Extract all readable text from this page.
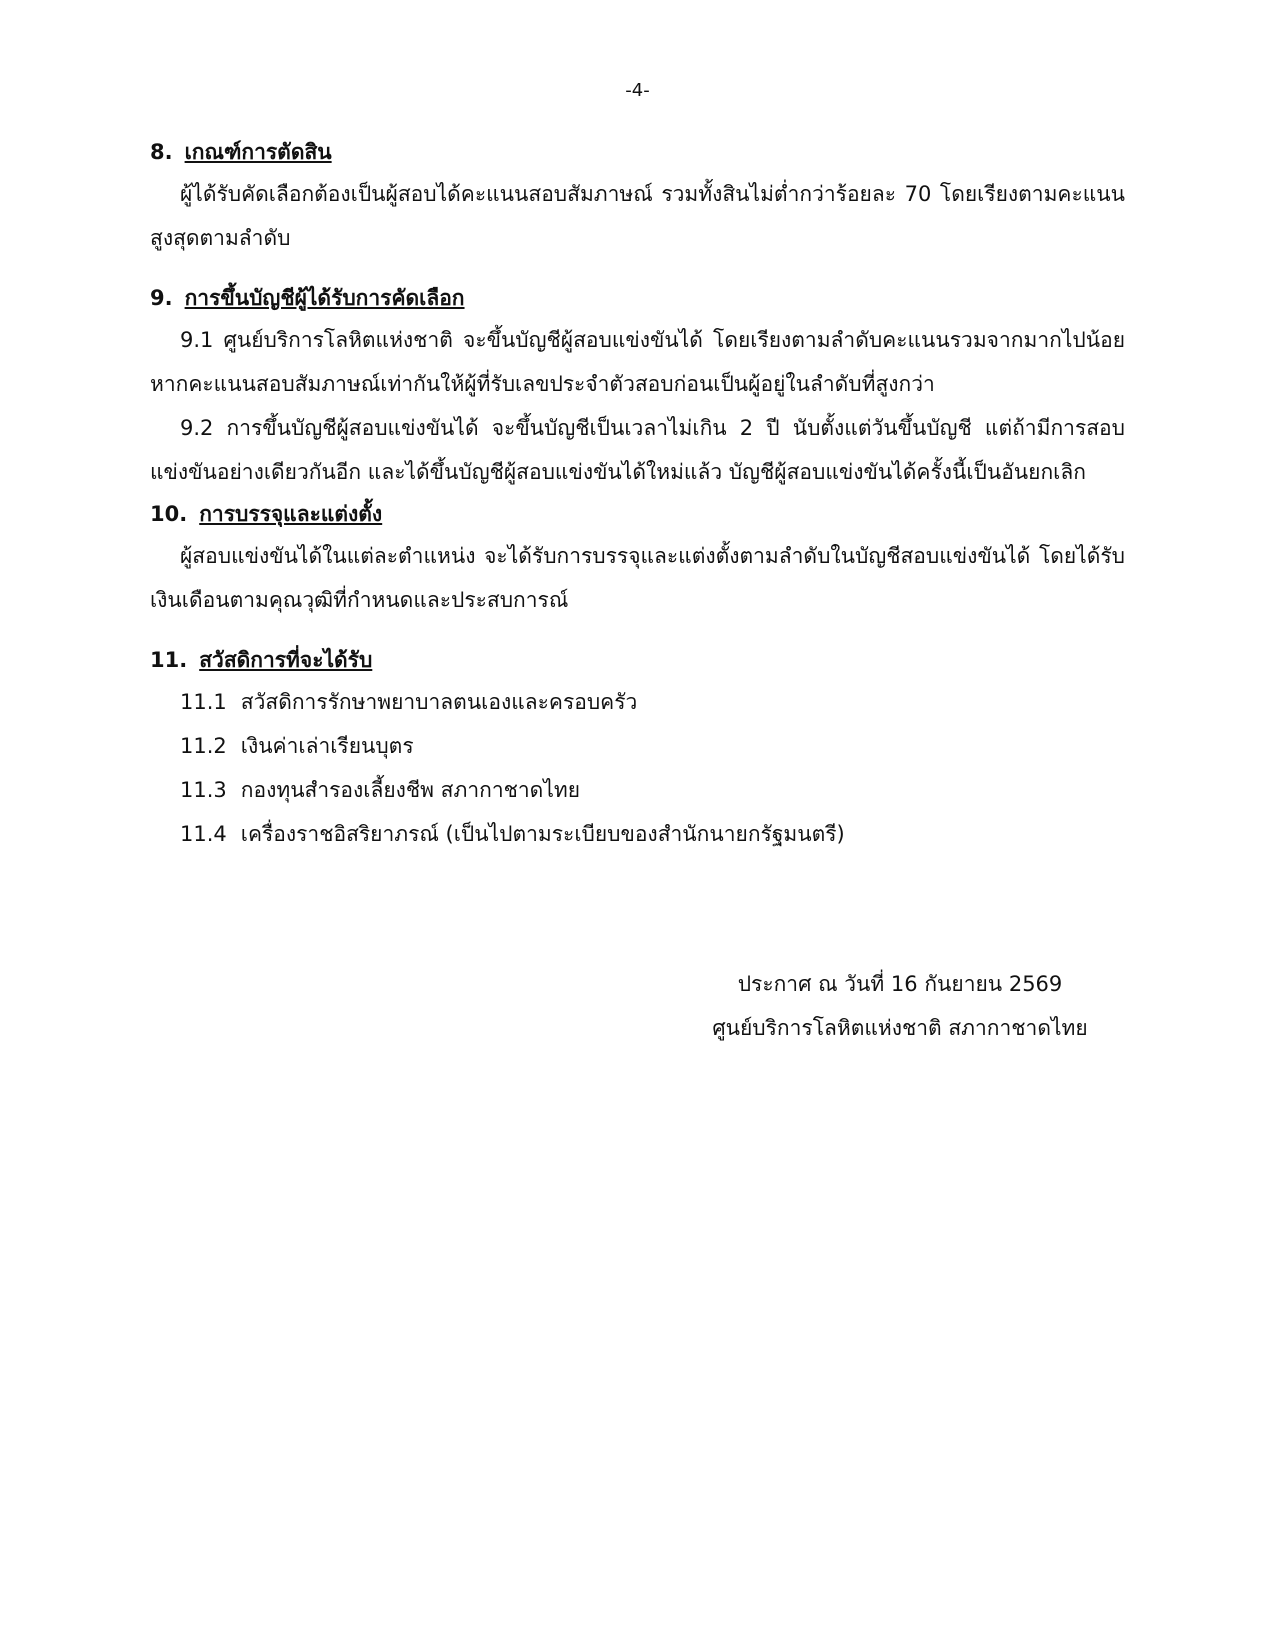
-4-
8. เกณฑ์การตัดสิน

ผู้ได้รับคัดเลือกต้องเป็นผู้สอบได้คะแนนสอบสัมภาษณ์ รวมทั้งสินไม่ต่ำกว่าร้อยละ 70 โดยเรียงตามคะแนนสูงสุดตามลำดับ

9. การขึ้นบัญชีผู้ได้รับการคัดเลือก

9.1 ศูนย์บริการโลหิตแห่งชาติ จะขึ้นบัญชีผู้สอบแข่งขันได้ โดยเรียงตามลำดับคะแนนรวมจากมากไปน้อย หากคะแนนสอบสัมภาษณ์เท่ากันให้ผู้ที่รับเลขประจำตัวสอบก่อนเป็นผู้อยู่ในลำดับที่สูงกว่า

9.2 การขึ้นบัญชีผู้สอบแข่งขันได้ จะขึ้นบัญชีเป็นเวลาไม่เกิน 2 ปี นับตั้งแต่วันขึ้นบัญชี แต่ถ้ามีการสอบแข่งขันอย่างเดียวกันอีก และได้ขึ้นบัญชีผู้สอบแข่งขันได้ใหม่แล้ว บัญชีผู้สอบแข่งขันได้ครั้งนี้เป็นอันยกเลิก

10. การบรรจุและแต่งตั้ง

ผู้สอบแข่งขันได้ในแต่ละตำแหน่ง จะได้รับการบรรจุและแต่งตั้งตามลำดับในบัญชีสอบแข่งขันได้ โดยได้รับเงินเดือนตามคุณวุฒิที่กำหนดและประสบการณ์

11. สวัสดิการที่จะได้รับ
11.1 สวัสดิการรักษาพยาบาลตนเองและครอบครัว
11.2 เงินค่าเล่าเรียนบุตร
11.3 กองทุนสำรองเลี้ยงชีพ สภากาชาดไทย
11.4 เครื่องราชอิสริยาภรณ์ (เป็นไปตามระเบียบของสำนักนายกรัฐมนตรี)
ประกาศ ณ วันที่ 16 กันยายน 2569
ศูนย์บริการโลหิตแห่งชาติ สภากาชาดไทย
